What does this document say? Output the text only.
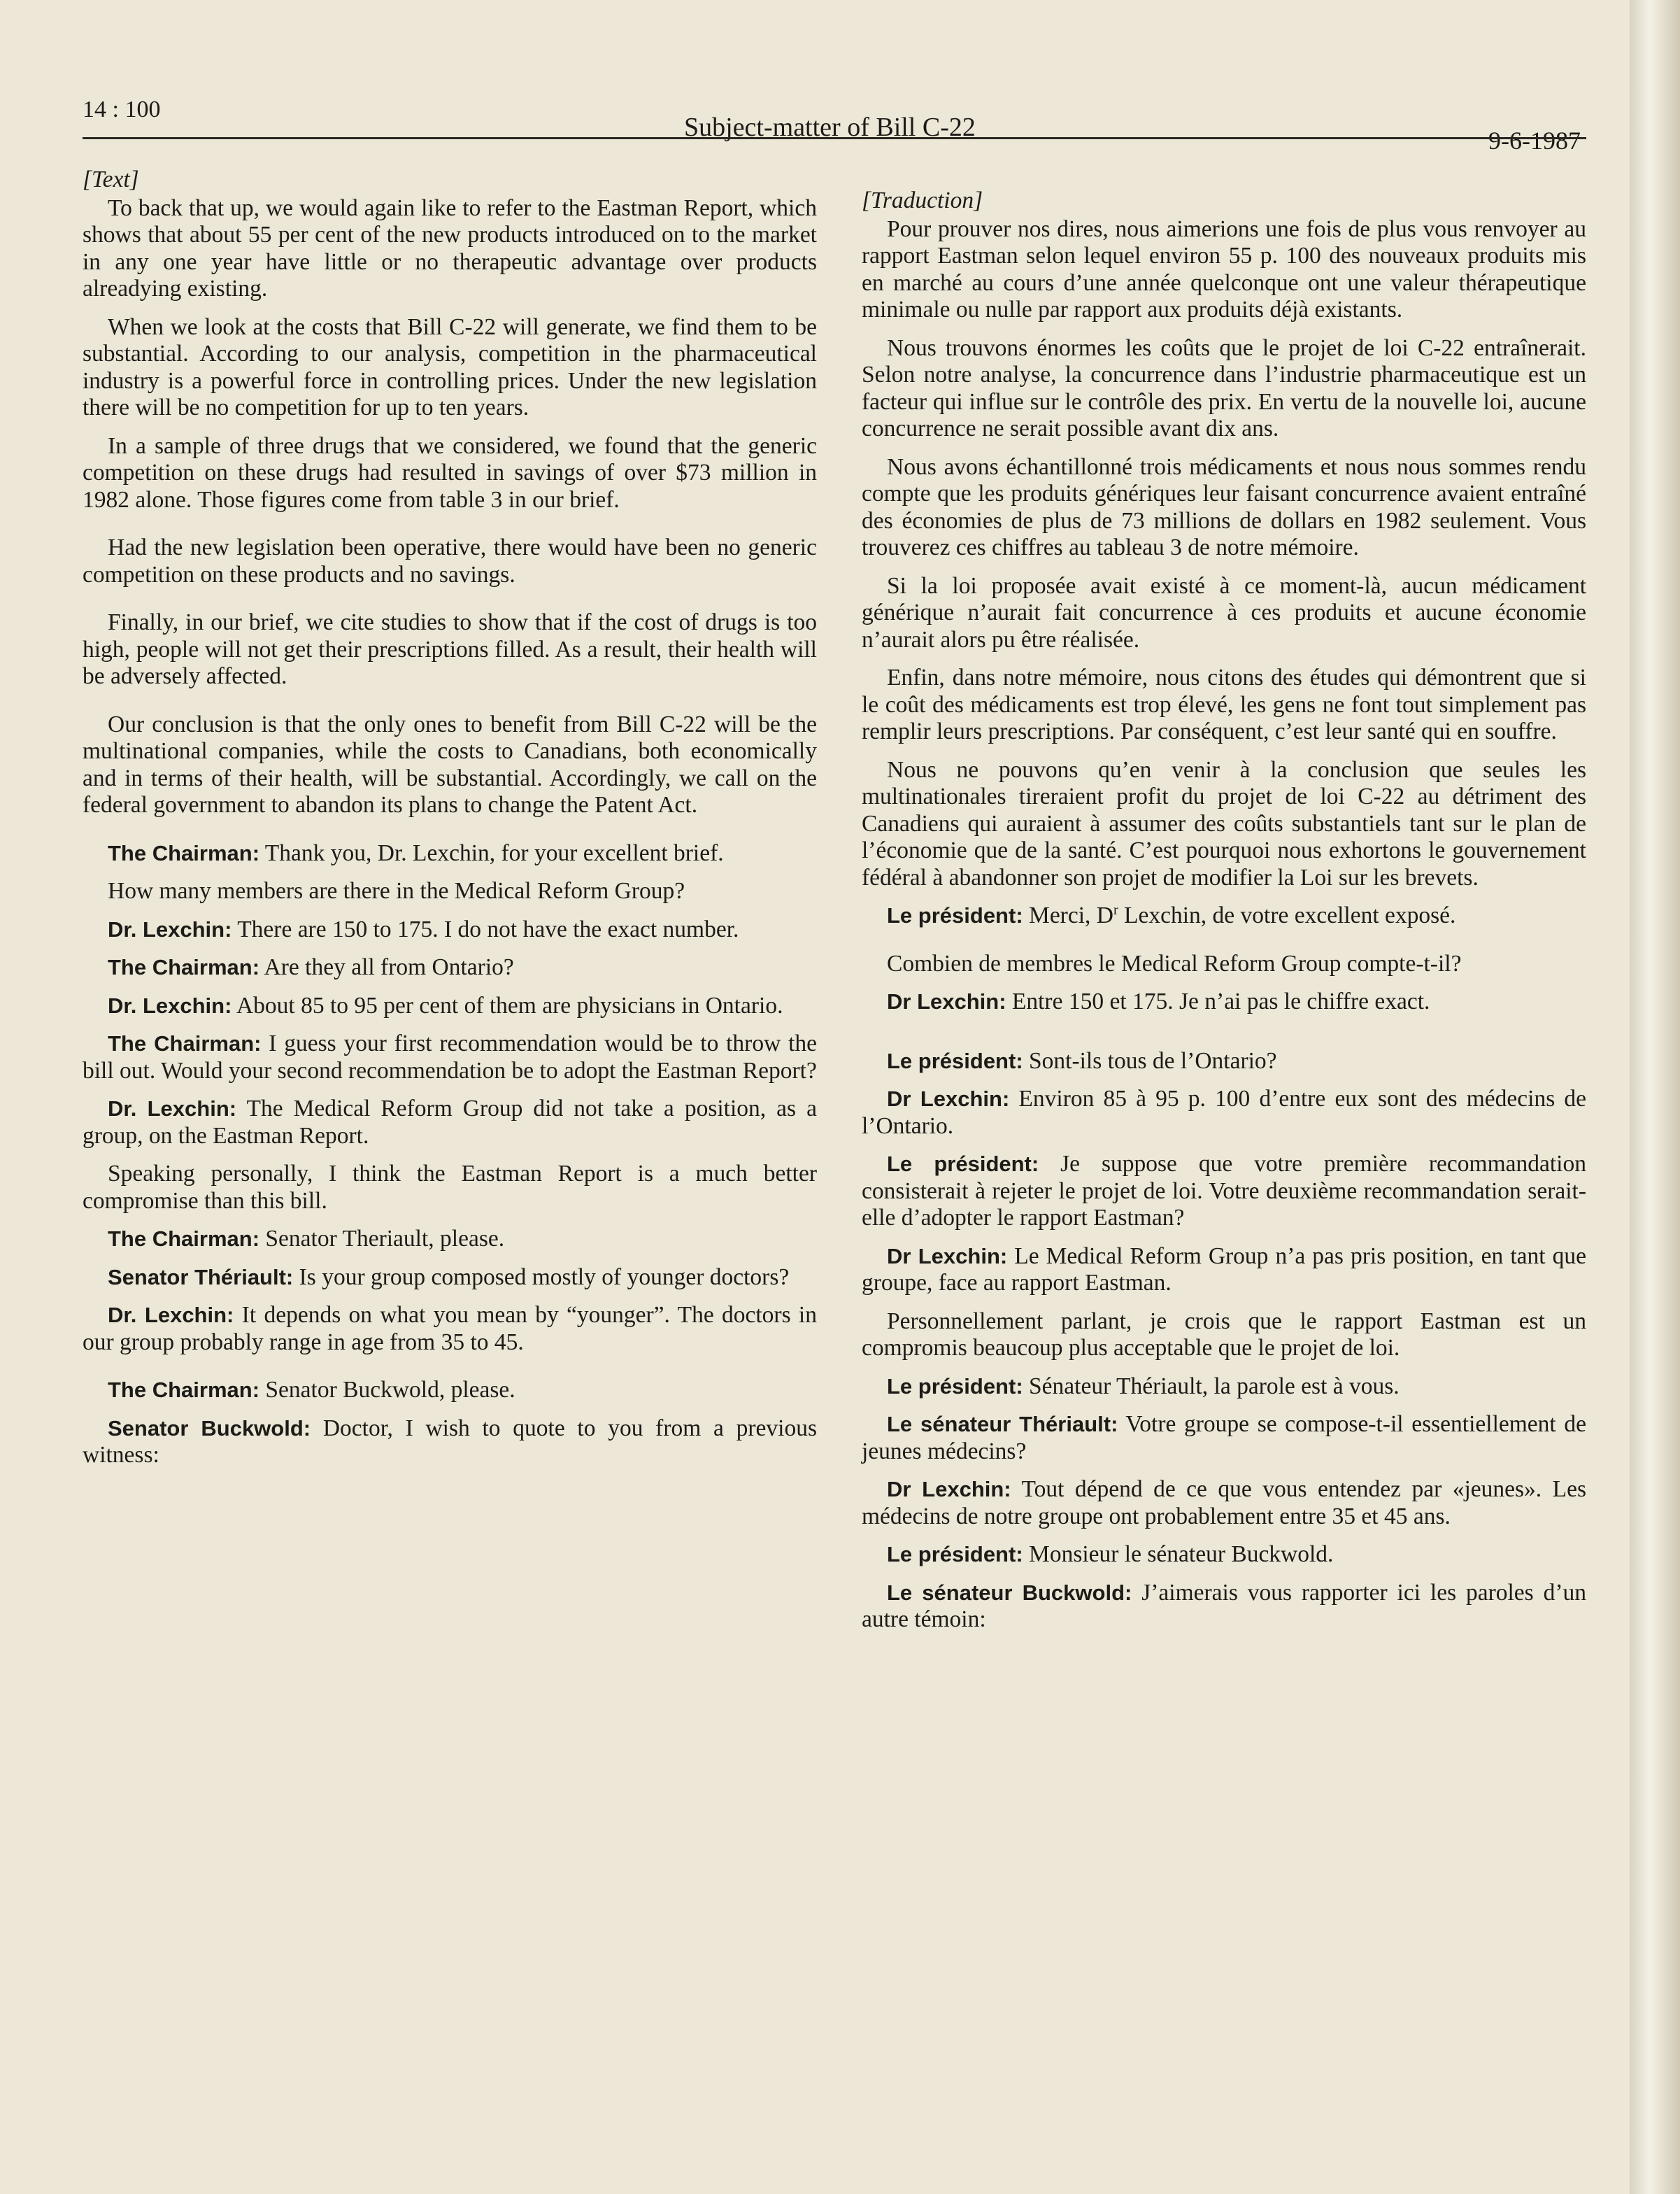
14 : 100
Subject-matter of Bill C-22	9-6-1987

[Text]

To back that up, we would again like to refer to the Eastman Report, which shows that about 55 per cent of the new products introduced on to the market in any one year have little or no therapeutic advantage over products alreadying existing.

When we look at the costs that Bill C-22 will generate, we find them to be substantial. According to our analysis, competition in the pharmaceutical industry is a powerful force in controlling prices. Under the new legislation there will be no competition for up to ten years.

In a sample of three drugs that we considered, we found that the generic competition on these drugs had resulted in savings of over $73 million in 1982 alone. Those figures come from table 3 in our brief.

Had the new legislation been operative, there would have been no generic competition on these products and no savings.

Finally, in our brief, we cite studies to show that if the cost of drugs is too high, people will not get their prescriptions filled. As a result, their health will be adversely affected.

Our conclusion is that the only ones to benefit from Bill C-22 will be the multinational companies, while the costs to Canadians, both economically and in terms of their health, will be substantial. Accordingly, we call on the federal government to abandon its plans to change the Patent Act.

The Chairman: Thank you, Dr. Lexchin, for your excellent brief.

How many members are there in the Medical Reform Group?

Dr. Lexchin: There are 150 to 175. I do not have the exact number.

The Chairman: Are they all from Ontario?

Dr. Lexchin: About 85 to 95 per cent of them are physicians in Ontario.

The Chairman: I guess your first recommendation would be to throw the bill out. Would your second recommendation be to adopt the Eastman Report?

Dr. Lexchin: The Medical Reform Group did not take a position, as a group, on the Eastman Report.

Speaking personally, I think the Eastman Report is a much better compromise than this bill.

The Chairman: Senator Theriault, please.

Senator Thériault: Is your group composed mostly of younger doctors?

Dr. Lexchin: It depends on what you mean by “younger”. The doctors in our group probably range in age from 35 to 45.

The Chairman: Senator Buckwold, please.

Senator Buckwold: Doctor, I wish to quote to you from a previous witness:

[Traduction]

Pour prouver nos dires, nous aimerions une fois de plus vous renvoyer au rapport Eastman selon lequel environ 55 p. 100 des nouveaux produits mis en marché au cours d’une année quelconque ont une valeur thérapeutique minimale ou nulle par rapport aux produits déjà existants.

Nous trouvons énormes les coûts que le projet de loi C-22 entraînerait. Selon notre analyse, la concurrence dans l’industrie pharmaceutique est un facteur qui influe sur le contrôle des prix. En vertu de la nouvelle loi, aucune concurrence ne serait possible avant dix ans.

Nous avons échantillonné trois médicaments et nous nous sommes rendu compte que les produits génériques leur faisant concurrence avaient entraîné des économies de plus de 73 millions de dollars en 1982 seulement. Vous trouverez ces chiffres au tableau 3 de notre mémoire.

Si la loi proposée avait existé à ce moment-là, aucun médicament générique n’aurait fait concurrence à ces produits et aucune économie n’aurait alors pu être réalisée.

Enfin, dans notre mémoire, nous citons des études qui démontrent que si le coût des médicaments est trop élevé, les gens ne font tout simplement pas remplir leurs prescriptions. Par conséquent, c’est leur santé qui en souffre.

Nous ne pouvons qu’en venir à la conclusion que seules les multinationales tireraient profit du projet de loi C-22 au détriment des Canadiens qui auraient à assumer des coûts substantiels tant sur le plan de l’économie que de la santé. C’est pourquoi nous exhortons le gouvernement fédéral à abandonner son projet de modifier la Loi sur les brevets.

Le président: Merci, $D^r$ Lexchin, de votre excellent exposé.

Combien de membres le Medical Reform Group compte-t-il?

Dr Lexchin: Entre 150 et 175. Je n’ai pas le chiffre exact.

Le président: Sont-ils tous de l’Ontario?

Dr Lexchin: Environ 85 à 95 p. 100 d’entre eux sont des médecins de l’Ontario.

Le président: Je suppose que votre première recommandation consisterait à rejeter le projet de loi. Votre deuxième recommandation serait-elle d’adopter le rapport Eastman?

Dr Lexchin: Le Medical Reform Group n’a pas pris position, en tant que groupe, face au rapport Eastman.

Personnellement parlant, je crois que le rapport Eastman est un compromis beaucoup plus acceptable que le projet de loi.

Le président: Sénateur Thériault, la parole est à vous.

Le sénateur Thériault: Votre groupe se compose-t-il essentiellement de jeunes médecins?

Dr Lexchin: Tout dépend de ce que vous entendez par «jeunes». Les médecins de notre groupe ont probablement entre 35 et 45 ans.

Le président: Monsieur le sénateur Buckwold.

Le sénateur Buckwold: J’aimerais vous rapporter ici les paroles d’un autre témoin:
